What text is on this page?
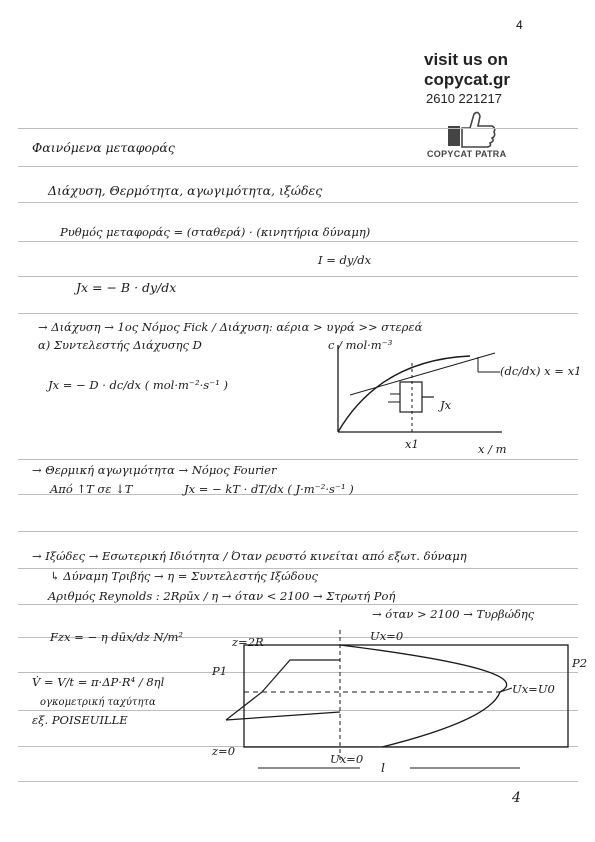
4
visit us on
copycat.gr
2610 221217
COPYCAT PATRA
Φαινόμενα μεταφοράς
Διάχυση, Θερμότητα, αγωγιμότητα, ιξώδες
Ρυθμός μεταφοράς = (σταθερά) · (κινητήρια δύναμη)
I = dy/dx
Jx = − B · dy/dx
→ Διάχυση → 1ος Νόμος Fick / Διάχυση: αέρια > υγρά >> στερεά
α) Συντελεστής Διάχυσης D
Jx = − D · dc/dx ( mol·m⁻²·s⁻¹ )
c / mol·m⁻³
(dc/dx) x = x1
Jx
x1	x / m
→ Θερμική αγωγιμότητα → Νόμος Fourier
Από ↑T σε ↓T	Jx = − kT · dT/dx ( J·m⁻²·s⁻¹ )
→ Ιξώδες → Εσωτερική Ιδιότητα / Όταν ρευστό κινείται από εξωτ. δύναμη
↳ Δύναμη Τριβής → η = Συντελεστής Ιξώδους
Αριθμός Reynolds : 2Rρūx / η → όταν < 2100 → Στρωτή Ροή
→ όταν > 2100 → Τυρβώδης
Fzx = − η dūx/dz N/m²	z=2R
z=0
V̇ = V/t = π·ΔP·R⁴ / 8ηl
ογκομετρική ταχύτητα
εξ. POISEUILLE
P1
P2
Ux=0
Ux=U0
Ux=0
l
4
